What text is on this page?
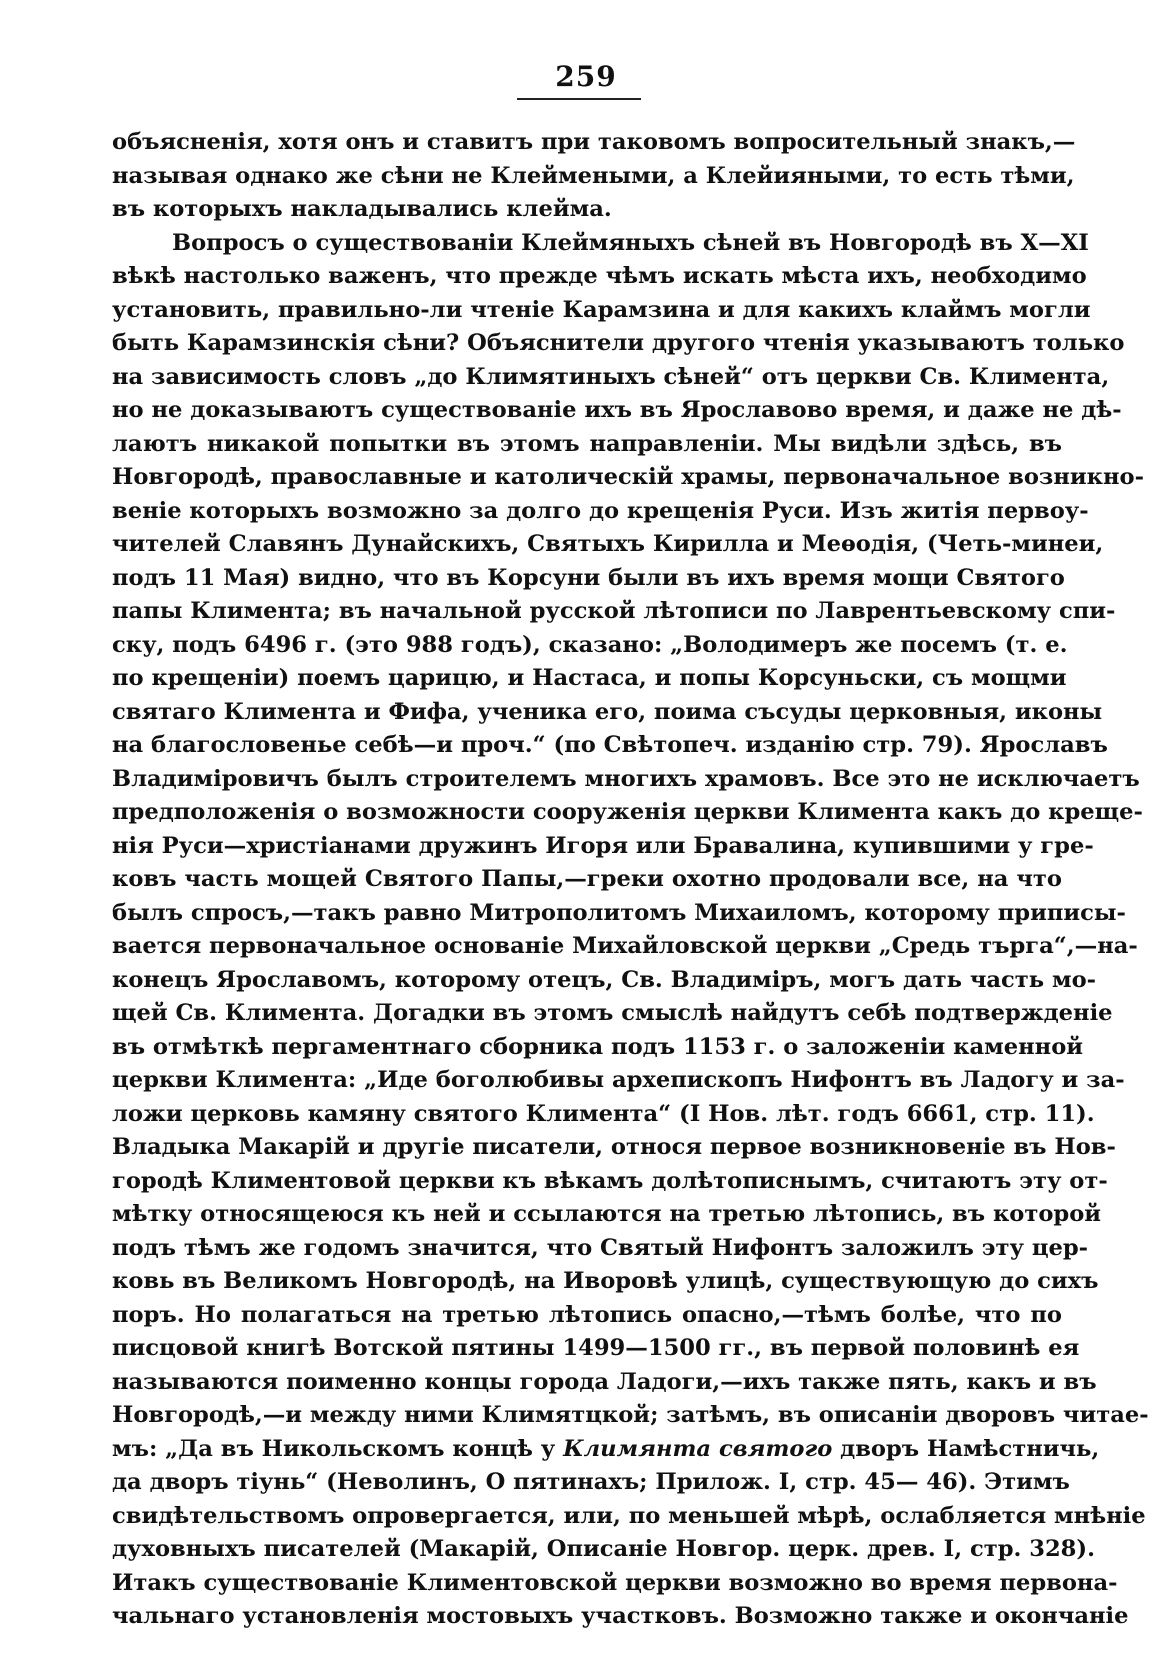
259
объясненія, хотя онъ и ставитъ при таковомъ вопросительный знакъ,—
называя однако же сѣни не Клеймеными, а Клейияными, то есть тѣми,
въ которыхъ накладывались клейма.
Вопросъ о существованіи Клеймяныхъ сѣней въ Новгородѣ въ X—XI
вѣкѣ настолько важенъ, что прежде чѣмъ искать мѣста ихъ, необходимо
установить, правильно-ли чтеніе Карамзина и для какихъ клаймъ могли
быть Карамзинскія сѣни? Объяснители другого чтенія указываютъ только
на зависимость словъ „до Климятиныхъ сѣней“ отъ церкви Св. Климента,
но не доказываютъ существованіе ихъ въ Ярославово время, и даже не дѣ-
лаютъ никакой попытки въ этомъ направленіи. Мы видѣли здѣсь, въ
Новгородѣ, православные и католическій храмы, первоначальное возникно-
веніе которыхъ возможно за долго до крещенія Руси. Изъ житія первоу-
чителей Славянъ Дунайскихъ, Святыхъ Кирилла и Меѳодія, (Четь-минеи,
подъ 11 Мая) видно, что въ Корсуни были въ ихъ время мощи Святого
папы Климента; въ начальной русской лѣтописи по Лаврентьевскому спи-
ску, подъ 6496 г. (это 988 годъ), сказано: „Володимеръ же посемъ (т. е.
по крещеніи) поемъ царицю, и Настаса, и попы Корсуньски, съ мощми
святаго Климента и Фифа, ученика его, поима съсуды церковныя, иконы
на благословенье себѣ—и проч.“ (по Свѣтопеч. изданію стр. 79). Ярославъ
Владиміровичъ былъ строителемъ многихъ храмовъ. Все это не исключаетъ
предположенія о возможности сооруженія церкви Климента какъ до крещe-
нія Руси—христіанами дружинъ Игоря или Бравалина, купившими у гре-
ковъ часть мощей Святого Папы,—греки охотно продовали все, на что
былъ спросъ,—такъ равно Митрополитомъ Михаиломъ, которому приписы-
вается первоначальное основаніе Михайловской церкви „Средь търга“,—на-
конецъ Ярославомъ, которому отецъ, Св. Владиміръ, могъ дать часть мо-
щей Св. Климента. Догадки въ этомъ смыслѣ найдутъ себѣ подтвержденіе
въ отмѣткѣ пергаментнаго сборника подъ 1153 г. о заложеніи каменной
церкви Климента: „Иде боголюбивы архепископъ Нифонтъ въ Ладогу и за-
ложи церковь камяну святого Климента“ (I Нов. лѣт. годъ 6661, стр. 11).
Владыка Макарій и другіе писатели, относя первое возникновеніе въ Нов-
городѣ Климентовой церкви къ вѣкамъ долѣтописнымъ, считаютъ эту от-
мѣтку относящеюся къ ней и ссылаются на третью лѣтопись, въ которой
подъ тѣмъ же годомъ значится, что Святый Нифонтъ заложилъ эту цер-
ковь въ Великомъ Новгородѣ, на Иворовѣ улицѣ, существующую до сихъ
поръ. Но полагаться на третью лѣтопись опасно,—тѣмъ болѣе, что по
писцовой книгѣ Вотской пятины 1499—1500 гг., въ первой половинѣ ея
называются поименно концы города Ладоги,—ихъ также пять, какъ и въ
Новгородѣ,—и между ними Климятцкой; затѣмъ, въ описаніи дворовъ читае-
мъ: „Да въ Никольскомъ концѣ у Климянта святого дворъ Намѣстничь,
да дворъ тіунь“ (Неволинъ, О пятинахъ; Прилож. I, стр. 45— 46). Этимъ
свидѣтельствомъ опровергается, или, по меньшей мѣрѣ, ослабляется мнѣніе
духовныхъ писателей (Макарій, Описаніе Новгор. церк. древ. I, стр. 328).
Итакъ существованіе Климентовской церкви возможно во время первона-
чальнаго установленія мостовыхъ участковъ. Возможно также и окончаніе
